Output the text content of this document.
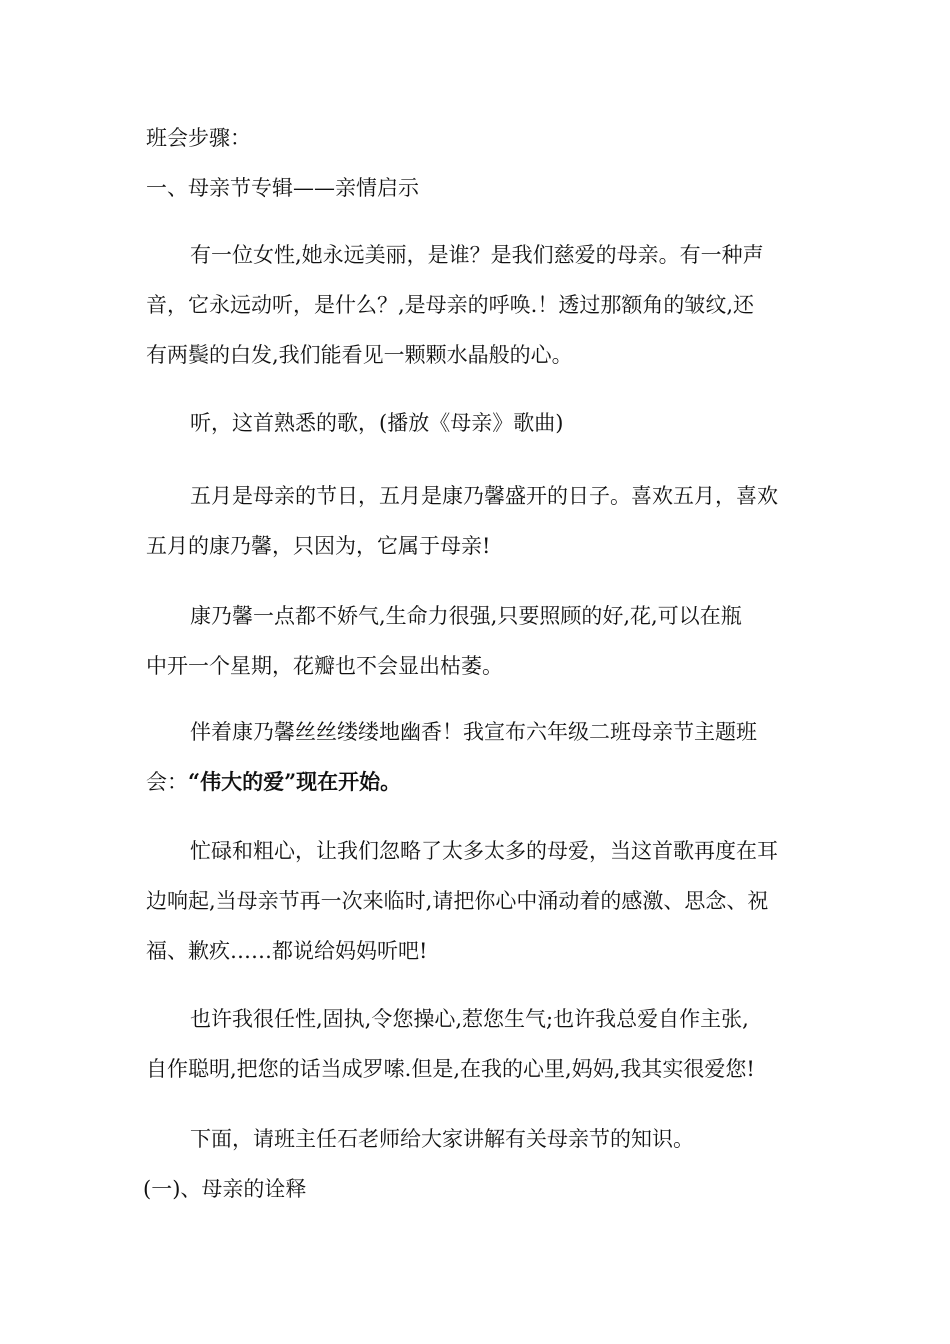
班会步骤：

一、母亲节专辑——亲情启示

有一位女性,她永远美丽，是谁？是我们慈爱的母亲。有一种声

音，它永远动听，是什么？,是母亲的呼唤.！透过那额角的皱纹,还

有两鬓的白发,我们能看见一颗颗水晶般的心。

听，这首熟悉的歌，(播放《母亲》歌曲)

五月是母亲的节日，五月是康乃馨盛开的日子。喜欢五月，喜欢

五月的康乃馨，只因为，它属于母亲!

康乃馨一点都不娇气,生命力很强,只要照顾的好,花,可以在瓶

中开一个星期，花瓣也不会显出枯萎。

伴着康乃馨丝丝缕缕地幽香！我宣布六年级二班母亲节主题班

会：“伟大的爱”现在开始。

忙碌和粗心，让我们忽略了太多太多的母爱，当这首歌再度在耳

边响起,当母亲节再一次来临时,请把你心中涌动着的感激、思念、祝

福、歉疚……都说给妈妈听吧!

也许我很任性,固执,令您操心,惹您生气;也许我总爱自作主张,

自作聪明,把您的话当成罗嗦.但是,在我的心里,妈妈,我其实很爱您!

下面，请班主任石老师给大家讲解有关母亲节的知识。

(一)、母亲的诠释
